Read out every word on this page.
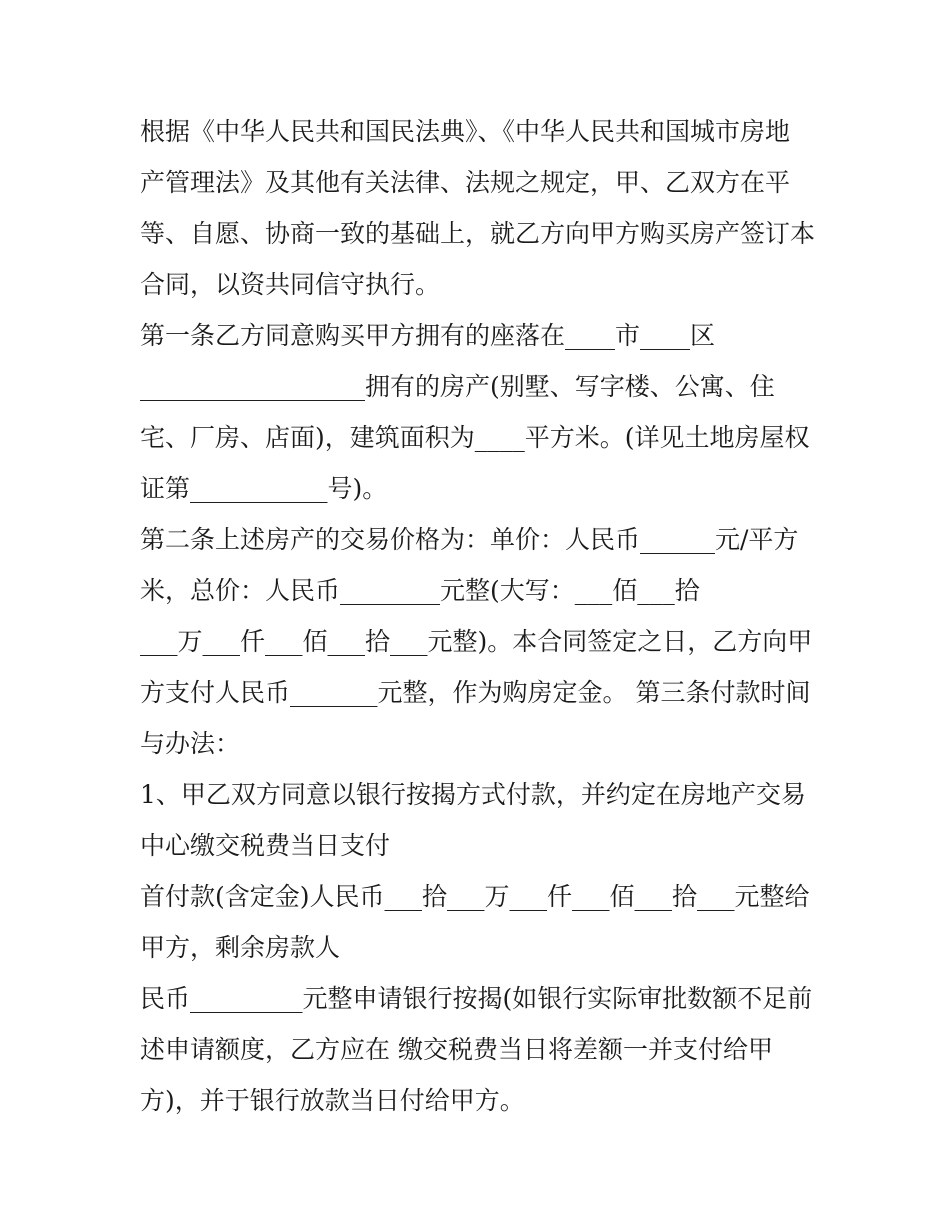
根据《中华人民共和国民法典》、《中华人民共和国城市房地
产管理法》及其他有关法律、法规之规定，甲、乙双方在平
等、自愿、协商一致的基础上，就乙方向甲方购买房产签订本
合同，以资共同信守执行。
第一条乙方同意购买甲方拥有的座落在____市____区
__________________拥有的房产(别墅、写字楼、公寓、住
宅、厂房、店面)，建筑面积为____平方米。(详见土地房屋权
证第___________号)。
第二条上述房产的交易价格为：单价：人民币______元/平方
米，总价：人民币________元整(大写：___佰___拾
___万___仟___佰___拾___元整)。本合同签定之日，乙方向甲
方支付人民币_______元整，作为购房定金。 第三条付款时间
与办法：
1、甲乙双方同意以银行按揭方式付款，并约定在房地产交易
中心缴交税费当日支付
首付款(含定金)人民币___拾___万___仟___佰___拾___元整给
甲方，剩余房款人
民币_________元整申请银行按揭(如银行实际审批数额不足前
述申请额度，乙方应在 缴交税费当日将差额一并支付给甲
方)，并于银行放款当日付给甲方。
